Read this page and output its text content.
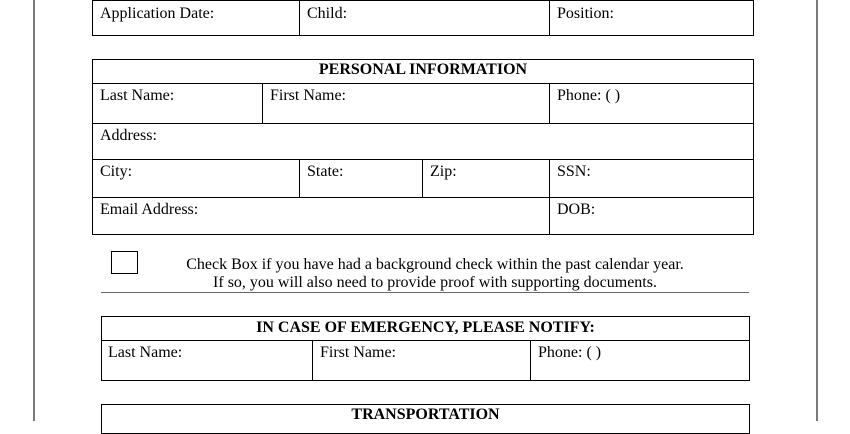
Application Date:	Child:	Position:
PERSONAL INFORMATION
Last Name:	First Name:	Phone: ( )
Address:
City:	State:	Zip:	SSN:
Email Address:	DOB:
Check Box if you have had a background check within the past calendar year.
If so, you will also need to provide proof with supporting documents.
IN CASE OF EMERGENCY, PLEASE NOTIFY:
Last Name:	First Name:	Phone: ( )
TRANSPORTATION
